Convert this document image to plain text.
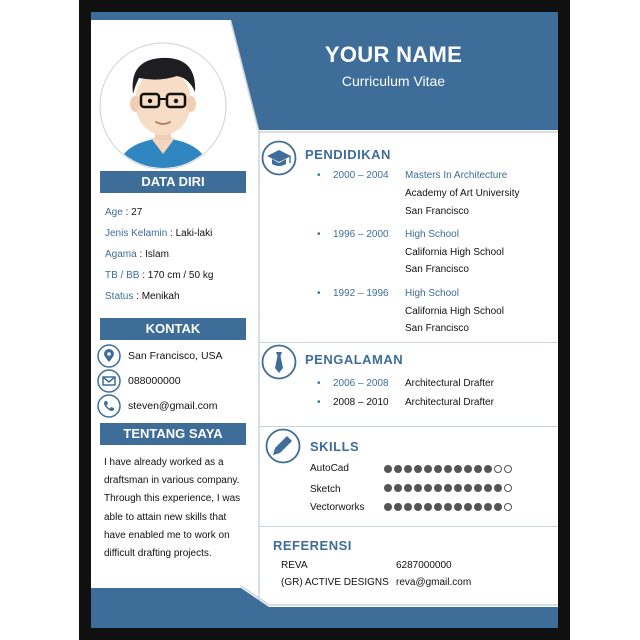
YOUR NAME
Curriculum Vitae
DATA DIRI
Age : 27
Jenis Kelamin : Laki-laki
Agama : Islam
TB / BB : 170 cm / 50 kg
Status : Menikah
KONTAK
San Francisco, USA
088000000
steven@gmail.com
TENTANG SAYA
I have already worked as a draftsman in various company. Through this experience, I was able to attain new skills that have enabled me to work on difficult drafting projects.
PENDIDIKAN
• 2000 – 2004 Masters In Architecture
Academy of Art University
San Francisco
• 1996 – 2000 High School
California High School
San Francisco
• 1992 – 1996 High School
California High School
San Francisco
PENGALAMAN
• 2006 – 2008 Architectural Drafter
• 2008 – 2010 Architectural Drafter
SKILLS
AutoCad
Sketch
Vectorworks
REFERENSI
REVA	6287000000
(GR) ACTIVE DESIGNS reva@gmail.com
